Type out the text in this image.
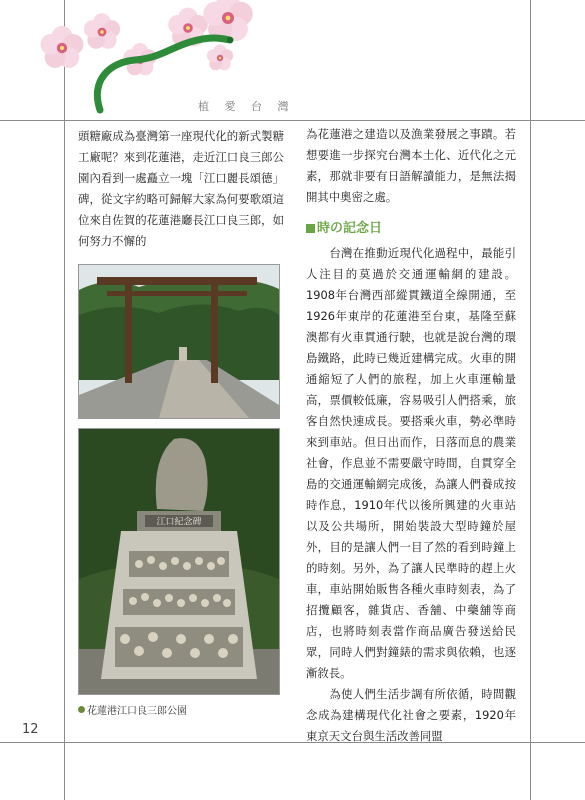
植 愛 台 灣

頭糖廠成為臺灣第一座現代化的新式製糖工廠呢？來到花蓮港，走近江口良三郎公園內看到一處矗立一塊「江口麗長頌德」碑，從文字約略可歸解大家為何要歌頌這位來自佐賀的花蓮港廳長江口良三郎，如何努力不懈的

江口紀念碑
花蓮港江口良三郎公園

為花蓮港之建造以及漁業發展之事蹟。若想要進一步探究台灣本土化、近代化之元素，那就非要有日語解讀能力，是無法揭開其中奧密之處。

時の記念日

　　台灣在推動近現代化過程中，最能引人注目的莫過於交通運輸網的建設。1908年台灣西部縱貫鐵道全線開通，至1926年東岸的花蓮港至台東，基隆至蘇澳都有火車貫通行駛，也就是說台灣的環島鐵路，此時已幾近建構完成。火車的開通縮短了人們的旅程，加上火車運輸量高，票價較低廉，容易吸引人們搭乘，旅客自然快速成長。要搭乘火車，勢必準時來到車站。但日出而作，日落而息的農業社會，作息並不需要嚴守時間，自貫穿全島的交通運輸網完成後，為讓人們養成按時作息，1910年代以後所興建的火車站以及公共場所，開始裝設大型時鐘於屋外，目的是讓人們一目了然的看到時鐘上的時刻。另外，為了讓人民準時的趕上火車，車站開始販售各種火車時刻表，為了招攬顧客，雜貨店、香舖、中藥舖等商店，也將時刻表當作商品廣告發送給民眾，同時人們對鐘錶的需求與依賴，也逐漸敘長。

　　為使人們生活步調有所依循，時間觀念成為建構現代化社會之要素，1920年東京天文台與生活改善同盟

12
